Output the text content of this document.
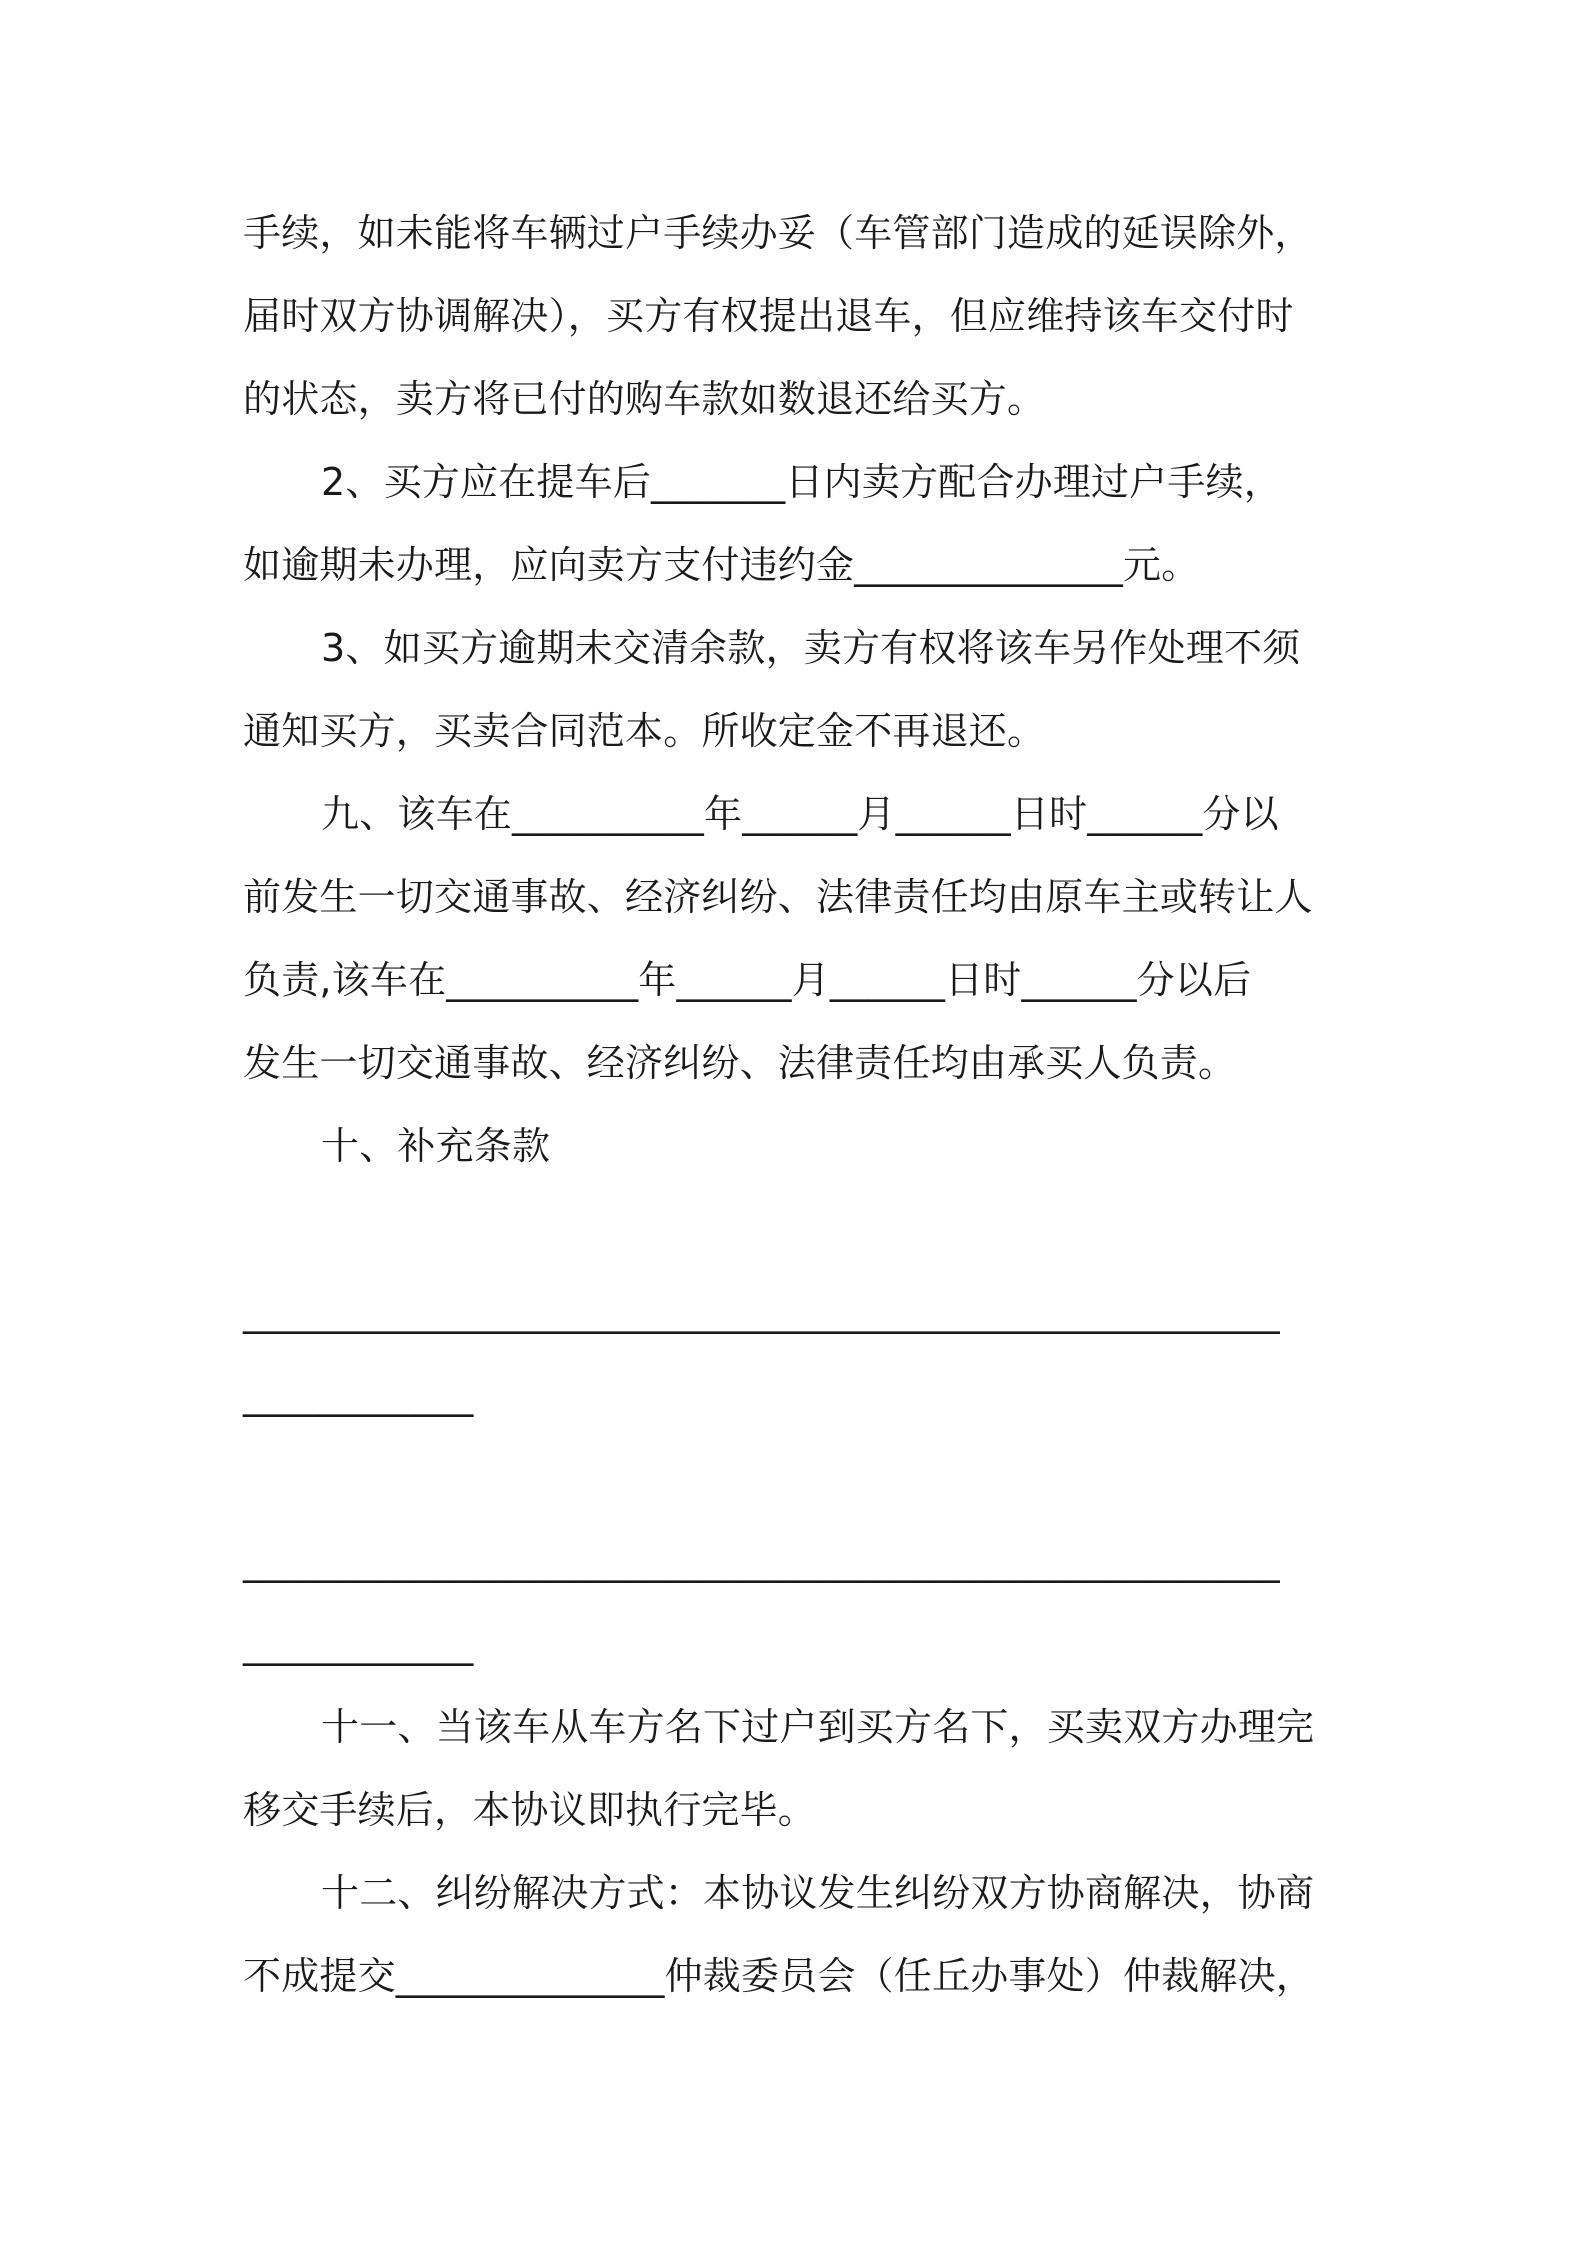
手续，如未能将车辆过户手续办妥（车管部门造成的延误除外，
届时双方协调解决），买方有权提出退车，但应维持该车交付时
的状态，卖方将已付的购车款如数退还给买方。
2、买方应在提车后_______日内卖方配合办理过户手续，
如逾期未办理，应向卖方支付违约金______________元。
3、如买方逾期未交清余款，卖方有权将该车另作处理不须
通知买方，买卖合同范本。所收定金不再退还。
九、该车在__________年______月______日时______分以
前发生一切交通事故、经济纠纷、法律责任均由原车主或转让人
负责,该车在__________年______月______日时______分以后
发生一切交通事故、经济纠纷、法律责任均由承买人负责。
十、补充条款
______________________________________________________
____________
______________________________________________________
____________
十一、当该车从车方名下过户到买方名下，买卖双方办理完
移交手续后，本协议即执行完毕。
十二、纠纷解决方式：本协议发生纠纷双方协商解决，协商
不成提交______________仲裁委员会（任丘办事处）仲裁解决，
